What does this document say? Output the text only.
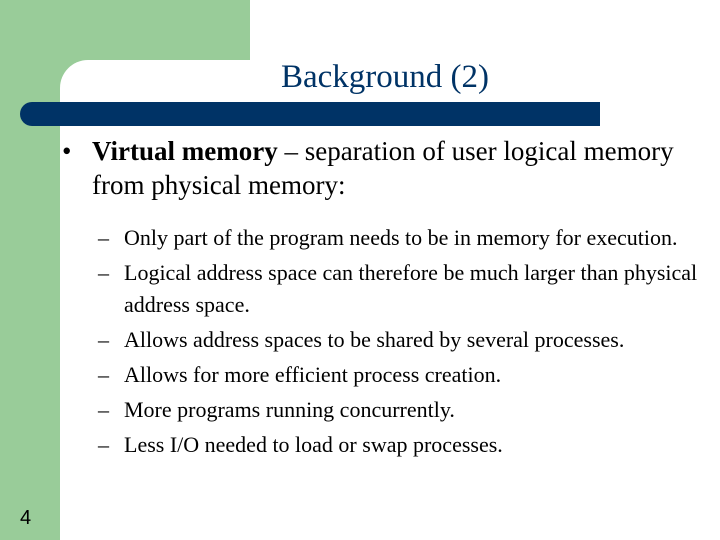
Background (2)
• Virtual memory – separation of user logical memory from physical memory:
– Only part of the program needs to be in memory for execution.
– Logical address space can therefore be much larger than physical address space.
– Allows address spaces to be shared by several processes.
– Allows for more efficient process creation.
– More programs running concurrently.
– Less I/O needed to load or swap processes.
4
